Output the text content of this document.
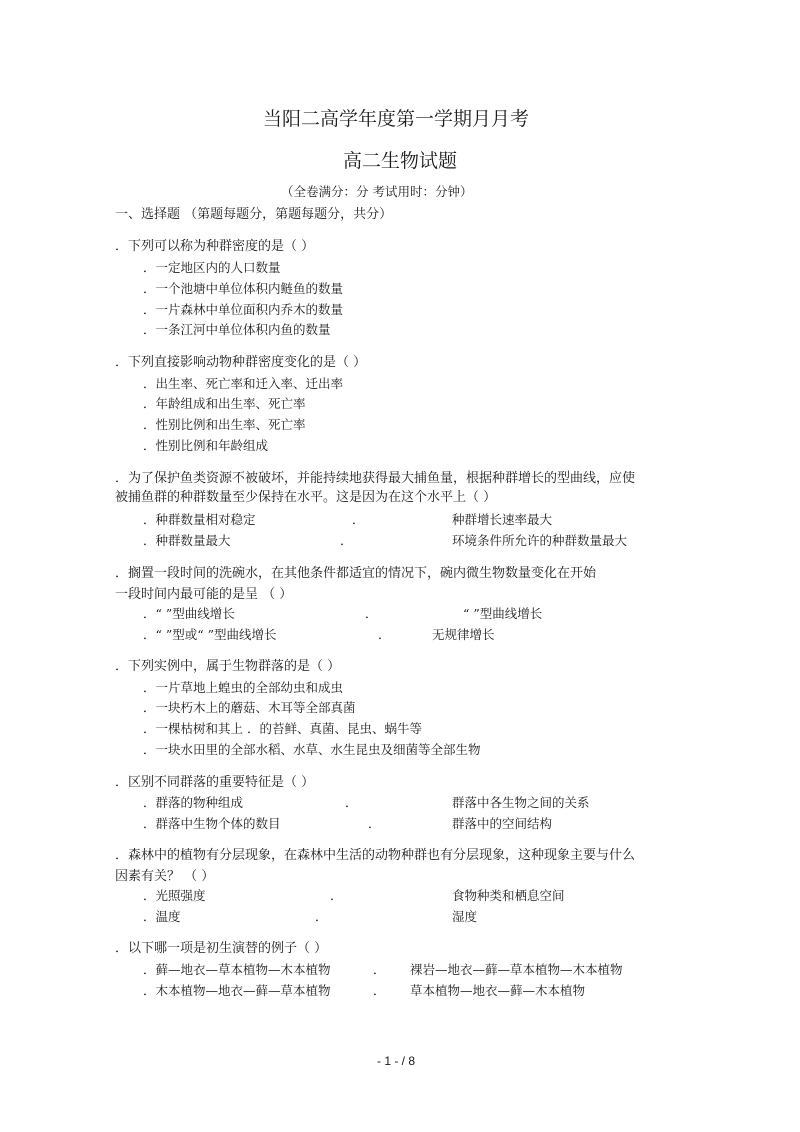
当阳二高学年度第一学期月月考
高二生物试题
（全卷满分：分 考试用时：分钟）
一、选择题 （第题每题分，第题每题分，共分）
．下列可以称为种群密度的是（ ）
．一定地区内的人口数量
．一个池塘中单位体积内鲢鱼的数量
．一片森林中单位面积内乔木的数量
．一条江河中单位体积内鱼的数量
．下列直接影响动物种群密度变化的是（ ）
．出生率、死亡率和迁入率、迁出率
．年龄组成和出生率、死亡率
．性别比例和出生率、死亡率
．性别比例和年龄组成
．为了保护鱼类资源不被破坏，并能持续地获得最大捕鱼量，根据种群增长的型曲线，应使
被捕鱼群的种群数量至少保持在水平。这是因为在这个水平上（ ）
．种群数量相对稳定	．	种群增长速率最大
．种群数量最大	．	环境条件所允许的种群数量最大
．搁置一段时间的洗碗水，在其他条件都适宜的情况下，碗内微生物数量变化在开始
一段时间内最可能的是呈 （ ）
．“ ”型曲线增长	．	“ ”型曲线增长
．“ ”型或“ ”型曲线增长	．	无规律增长
．下列实例中，属于生物群落的是（ ）
．一片草地上蝗虫的全部幼虫和成虫
．一块朽木上的蘑菇、木耳等全部真菌
．一棵枯树和其上 ．的苔鲜、真菌、昆虫、蜗牛等
．一块水田里的全部水稻、水草、水生昆虫及细菌等全部生物
．区别不同群落的重要特征是（ ）
．群落的物种组成	．	群落中各生物之间的关系
．群落中生物个体的数目	．	群落中的空间结构
．森林中的植物有分层现象，在森林中生活的动物种群也有分层现象，这种现象主要与什么
因素有关？ （ ）
．光照强度	．	食物种类和栖息空间
．温度	．	湿度
．以下哪一项是初生演替的例子（ ）
．藓—地衣—草本植物—木本植物	． 裸岩—地衣—藓—草本植物—木本植物
．木本植物—地衣—藓—草本植物	． 草本植物—地衣—藓—木本植物
- 1 - / 8
